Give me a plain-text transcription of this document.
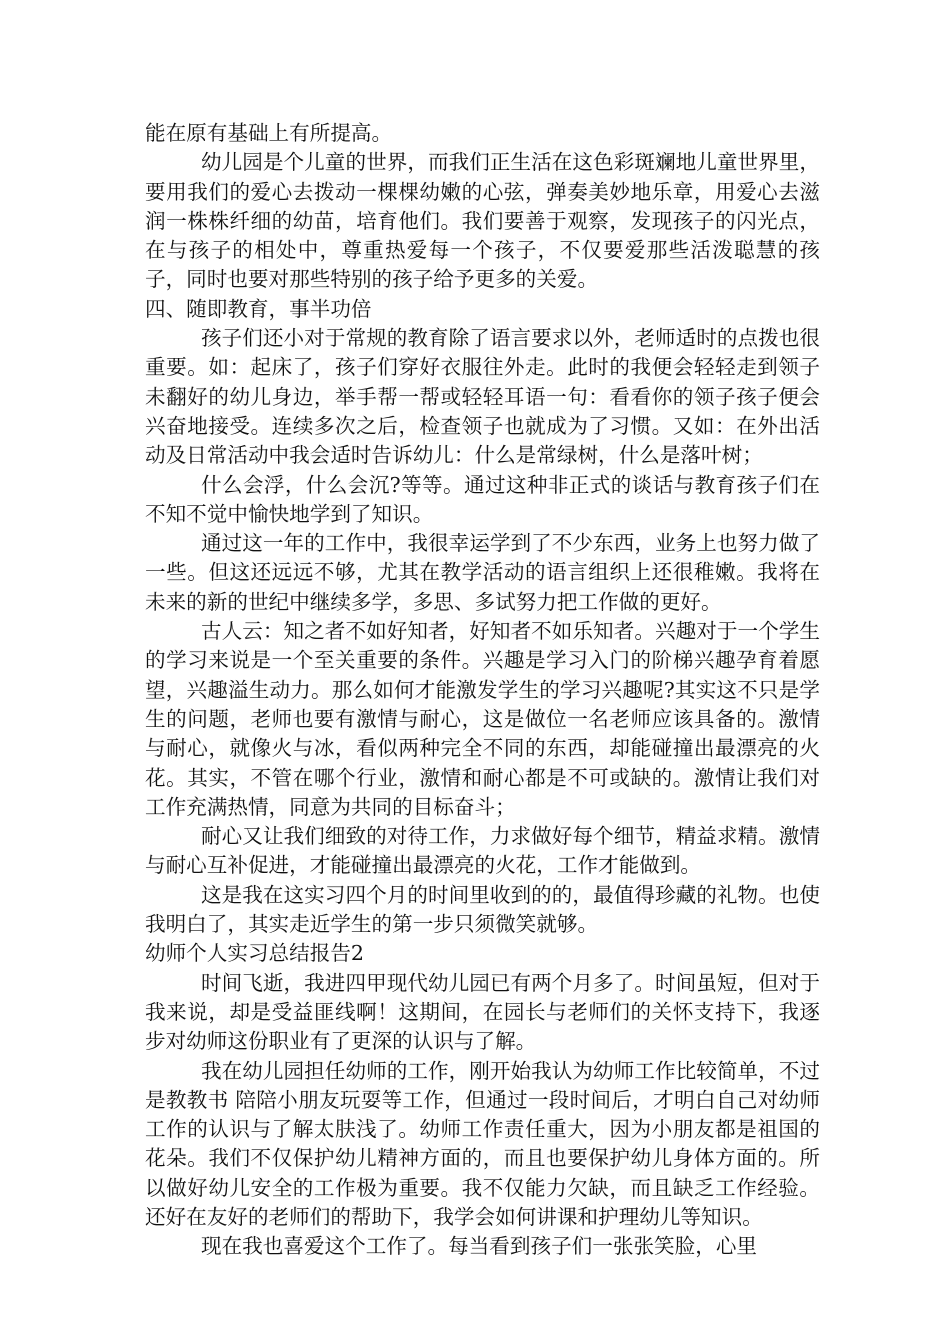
能在原有基础上有所提高。

幼儿园是个儿童的世界，而我们正生活在这色彩斑斓地儿童世界里，要用我们的爱心去拨动一棵棵幼嫩的心弦，弹奏美妙地乐章，用爱心去滋润一株株纤细的幼苗，培育他们。我们要善于观察，发现孩子的闪光点，在与孩子的相处中，尊重热爱每一个孩子，不仅要爱那些活泼聪慧的孩子，同时也要对那些特别的孩子给予更多的关爱。

四、随即教育，事半功倍

孩子们还小对于常规的教育除了语言要求以外，老师适时的点拨也很重要。如：起床了，孩子们穿好衣服往外走。此时的我便会轻轻走到领子未翻好的幼儿身边，举手帮一帮或轻轻耳语一句：看看你的领子孩子便会兴奋地接受。连续多次之后，检查领子也就成为了习惯。又如：在外出活动及日常活动中我会适时告诉幼儿：什么是常绿树，什么是落叶树；

什么会浮，什么会沉?等等。通过这种非正式的谈话与教育孩子们在不知不觉中愉快地学到了知识。

通过这一年的工作中，我很幸运学到了不少东西，业务上也努力做了一些。但这还远远不够，尤其在教学活动的语言组织上还很稚嫩。我将在未来的新的世纪中继续多学，多思、多试努力把工作做的更好。

古人云：知之者不如好知者，好知者不如乐知者。兴趣对于一个学生的学习来说是一个至关重要的条件。兴趣是学习入门的阶梯兴趣孕育着愿望，兴趣溢生动力。那么如何才能激发学生的学习兴趣呢?其实这不只是学生的问题，老师也要有激情与耐心，这是做位一名老师应该具备的。激情与耐心，就像火与冰，看似两种完全不同的东西，却能碰撞出最漂亮的火花。其实，不管在哪个行业，激情和耐心都是不可或缺的。激情让我们对工作充满热情，同意为共同的目标奋斗；

耐心又让我们细致的对待工作，力求做好每个细节，精益求精。激情与耐心互补促进，才能碰撞出最漂亮的火花，工作才能做到。

这是我在这实习四个月的时间里收到的的，最值得珍藏的礼物。也使我明白了，其实走近学生的第一步只须微笑就够。

幼师个人实习总结报告2

时间飞逝，我进四甲现代幼儿园已有两个月多了。时间虽短，但对于我来说，却是受益匪线啊！这期间，在园长与老师们的关怀支持下，我逐步对幼师这份职业有了更深的认识与了解。

我在幼儿园担任幼师的工作，刚开始我认为幼师工作比较简单，不过是教教书 陪陪小朋友玩耍等工作，但通过一段时间后，才明白自己对幼师工作的认识与了解太肤浅了。幼师工作责任重大，因为小朋友都是祖国的花朵。我们不仅保护幼儿精神方面的，而且也要保护幼儿身体方面的。所以做好幼儿安全的工作极为重要。我不仅能力欠缺，而且缺乏工作经验。还好在友好的老师们的帮助下，我学会如何讲课和护理幼儿等知识。

现在我也喜爱这个工作了。每当看到孩子们一张张笑脸，心里
